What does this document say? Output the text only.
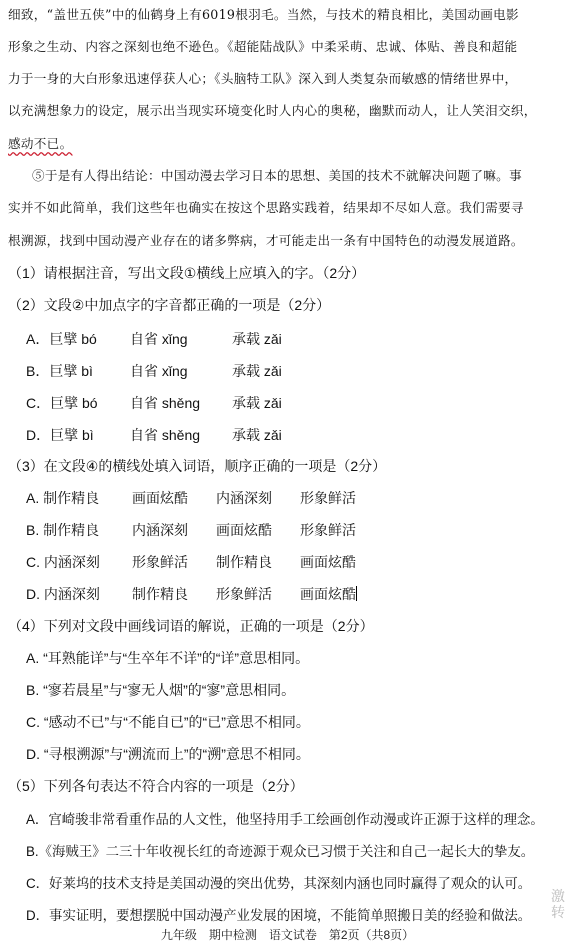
细致，“盖世五侠”中的仙鹤身上有6019根羽毛。当然，与技术的精良相比，美国动画电影
形象之生动、内容之深刻也绝不逊色。《超能陆战队》中柔采萌、忠诚、体贴、善良和超能
力于一身的大白形象迅速俘获人心；《头脑特工队》深入到人类复杂而敏感的情绪世界中，
以充满想象力的设定，展示出当现实环境变化时人内心的奥秘，幽默而动人，让人笑泪交织，
感动不已。
⑤于是有人得出结论：中国动漫去学习日本的思想、美国的技术不就解决问题了嘛。事
实并不如此简单，我们这些年也确实在按这个思路实践着，结果却不尽如人意。我们需要寻
根溯源，找到中国动漫产业存在的诸多弊病，才可能走出一条有中国特色的动漫发展道路。
（1）请根据注音，写出文段①横线上应填入的字。（2分）
（2）文段②中加点字的字音都正确的一项是（2分）
A．巨擘 bó 自省 xǐnɡ	承载 zǎi
B．巨擘 bì	自省 xǐnɡ	承载 zǎi
C．巨擘 bó 自省 shěnɡ 承载 zǎi
D．巨擘 bì	自省 shěnɡ 承载 zǎi
（3）在文段④的横线处填入词语，顺序正确的一项是（2分）
A. 制作精良 画面炫酷 内涵深刻 形象鲜活
B. 制作精良 内涵深刻 画面炫酷 形象鲜活
C. 内涵深刻 形象鲜活 制作精良 画面炫酷
D. 内涵深刻 制作精良 形象鲜活 画面炫酷
（4）下列对文段中画线词语的解说，正确的一项是（2分）
A. “耳熟能详”与“生卒年不详”的“详”意思相同。
B. “寥若晨星”与“寥无人烟”的“寥”意思相同。
C. “感动不已”与“不能自已”的“已”意思不相同。
D. “寻根溯源”与“溯流而上”的“溯”意思不相同。
（5）下列各句表达不符合内容的一项是（2分）
A．宫崎骏非常看重作品的人文性，他坚持用手工绘画创作动漫或许正源于这样的理念。
B.《海贼王》二三十年收视长红的奇迹源于观众已习惯于关注和自己一起长大的挚友。
C．好莱坞的技术支持是美国动漫的突出优势，其深刻内涵也同时赢得了观众的认可。
D．事实证明，要想摆脱中国动漫产业发展的困境，不能简单照搬日美的经验和做法。
九年级　期中检测　语文试卷　第2页（共8页）
激
转
